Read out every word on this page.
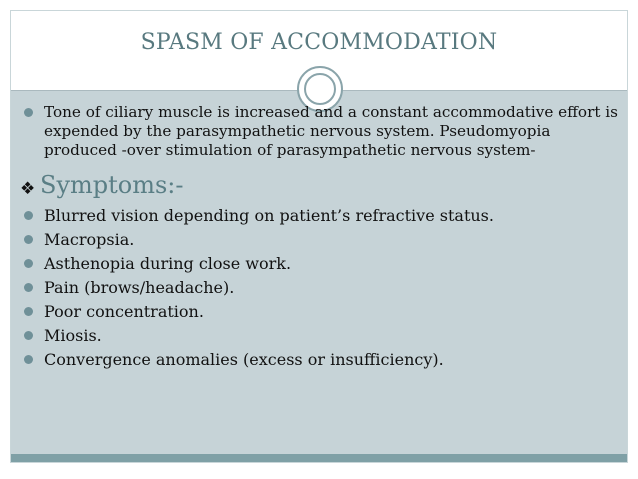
SPASM OF ACCOMMODATION
Tone of ciliary muscle is increased and a constant accommodative effort is expended by the parasympathetic nervous system. Pseudomyopia produced -over stimulation of parasympathetic nervous system-
❖ Symptoms:-
Blurred vision depending on patient’s refractive status.
Macropsia.
Asthenopia during close work.
Pain (brows/headache).
Poor concentration.
Miosis.
Convergence anomalies (excess or insufficiency).
